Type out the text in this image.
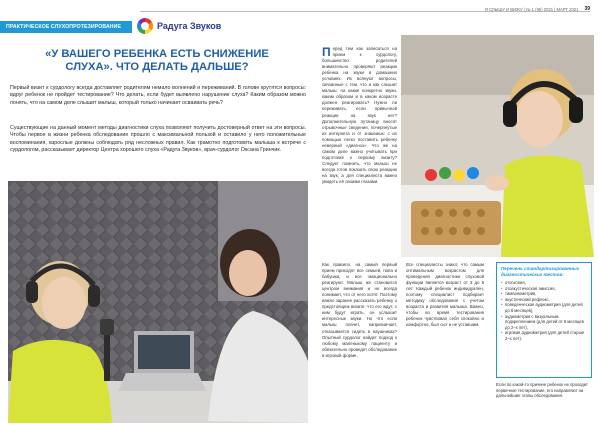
ПРАКТИЧЕСКОЕ СЛУХОПРОТЕЗИРОВАНИЕ	Радуга Звуков
Я СЛЫШУ И ВИЖУ | № 1 (95) 2021 | МАРТ 2021 39
«У ВАШЕГО РЕБЕНКА ЕСТЬ СНИЖЕНИЕ СЛУХА». ЧТО ДЕЛАТЬ ДАЛЬШЕ?

Первый визит к сурдологу всегда доставляет родителям немало волнений и переживаний. В голове крутятся вопросы: вдруг ребенок не пройдет тестирование? Что делать, если будет выявлено нарушение слуха? Каким образом можно понять, что на самом деле слышит малыш, который только начинает осваивать речь?

Существующие на данный момент методы диагностики слуха позволяют получить достоверный ответ на эти вопросы. Чтобы первое в жизни ребенка обследование прошло с максимальной пользой и оставило у него положительные воспоминания, взрослые должны соблюдать ряд несложных правил. Как грамотно подготовить малыша к встрече с сурдологом, рассказывает директор Центра хорошего слуха «Радуга Звуков», врач-сурдолог Оксана Гринчик.

Перед тем как записаться на прием к сурдологу, большинство родителей внимательно проверяют реакции ребенка на звуки в домашних условиях. Их волнуют вопросы, связанные с тем, что и как слышит малыш: на какие конкретно звуки, каким образом и в каком возрасте должен реагировать? Нужно ли переживать, если привычной реакции на звук нет? Дополнительную путаницу вносят отрывочные сведения, почерпнутые из интернета и от знакомых: с их помощью легко поставить ребенку неверный «диагноз». Что же на самом деле важно учитывать при подготовке к первому визиту? Следует помнить, что малыш не всегда готов показать свою реакцию на звук, а для специалиста важно увидеть её своими глазами.

Как правило, на самый первый прием приходят все семьей, папа и бабушка, и все эмоционально реагируют. Малыш же становится центром внимания и не всегда понимает, что от него хотят. Поэтому важно заранее рассказать ребенку о предстоящем визите: что его ждут, с ним будут играть, он услышит интересные звуки. Но что если малыш плачет, капризничает, отказывается сидеть в наушниках? Опытный сурдолог найдет подход к любому маленькому пациенту и обязательно проведет обследование в игровой форме.
Все специалисты знают, что самым оптимальным возрастом для проведения диагностики слуховой функции является возраст от 3 до 5 лет. Каждый ребенок индивидуален, поэтому специалист подбирает методику обследования с учетом возраста и развития малыша. Важно, чтобы во время тестирования ребенок чувствовал себя спокойно и комфортно, был сыт и не уставшим.
Перечень стандартизированных диагностических тестов:
• отоскопия,
• отоакустическая эмиссия,
• тимпанометрия,
• акустический рефлекс,
• поведенческая аудиометрия (для детей до 6 месяцев),
• аудиометрия с визуальным подкреплением (для детей от 6 месяцев до 2–х лет),
• игровая аудиометрия (для детей старше 2–х лет).
Если по какой-то причине ребенок не проходит первичное тестирование, его направляют на дальнейшие этапы обследования.
